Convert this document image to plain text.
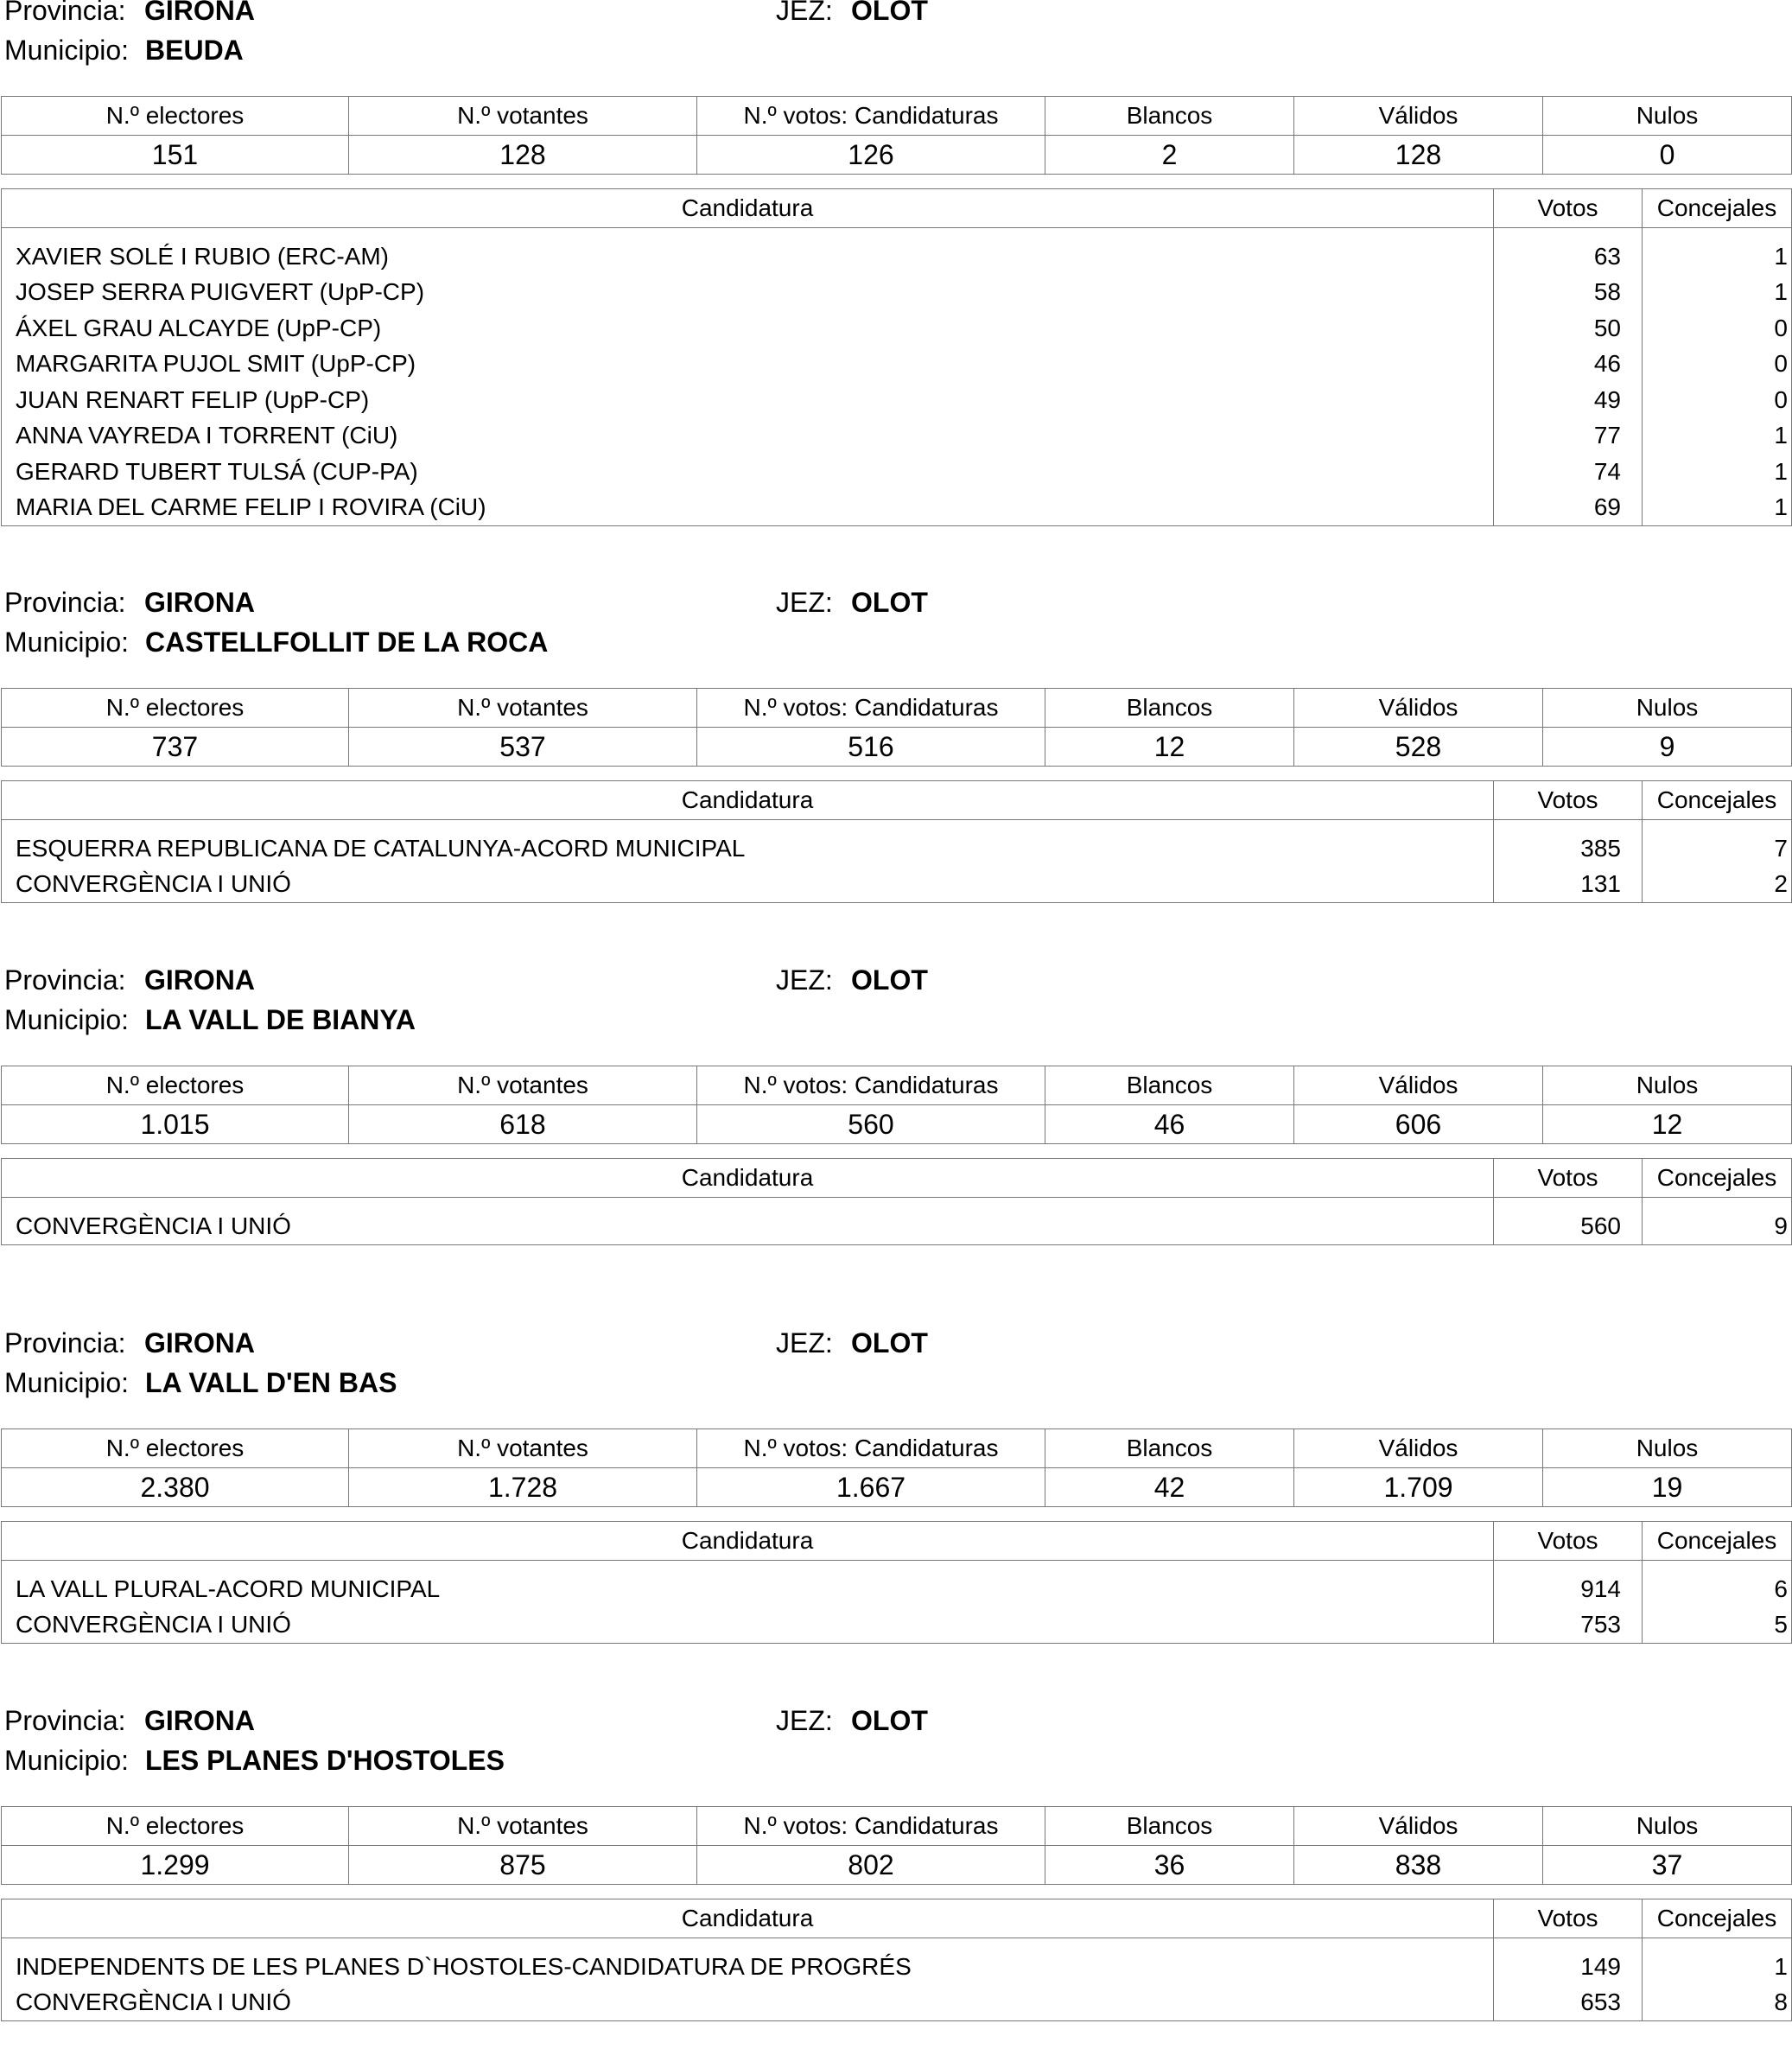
Provincia: GIRONA	JEZ: OLOT
Municipio: BEUDA
N.º electores	N.º votantes	N.º votos: Candidaturas	Blancos	Válidos	Nulos
151	128	126	2	128	0
Candidatura	Votos	Concejales

XAVIER SOLÉ I RUBIO (ERC-AM)	63	1
JOSEP SERRA PUIGVERT (UpP-CP)	58	1
ÁXEL GRAU ALCAYDE (UpP-CP)	50	0
MARGARITA PUJOL SMIT (UpP-CP)	46	0
JUAN RENART FELIP (UpP-CP)	49	0
ANNA VAYREDA I TORRENT (CiU)	77	1
GERARD TUBERT TULSÁ (CUP-PA)	74	1
MARIA DEL CARME FELIP I ROVIRA (CiU)	69	1
Provincia: GIRONA	JEZ: OLOT
Municipio: CASTELLFOLLIT DE LA ROCA
N.º electores	N.º votantes	N.º votos: Candidaturas	Blancos	Válidos	Nulos
737	537	516	12	528	9
Candidatura	Votos	Concejales

ESQUERRA REPUBLICANA DE CATALUNYA-ACORD MUNICIPAL	385	7
CONVERGÈNCIA I UNIÓ	131	2
Provincia: GIRONA	JEZ: OLOT
Municipio: LA VALL DE BIANYA
N.º electores	N.º votantes	N.º votos: Candidaturas	Blancos	Válidos	Nulos
1.015	618	560	46	606	12
Candidatura	Votos	Concejales

CONVERGÈNCIA I UNIÓ	560	9
Provincia: GIRONA	JEZ: OLOT
Municipio: LA VALL D'EN BAS
N.º electores	N.º votantes	N.º votos: Candidaturas	Blancos	Válidos	Nulos
2.380	1.728	1.667	42	1.709	19
Candidatura	Votos	Concejales

LA VALL PLURAL-ACORD MUNICIPAL	914	6
CONVERGÈNCIA I UNIÓ	753	5
Provincia: GIRONA	JEZ: OLOT
Municipio: LES PLANES D'HOSTOLES
N.º electores	N.º votantes	N.º votos: Candidaturas	Blancos	Válidos	Nulos
1.299	875	802	36	838	37
Candidatura	Votos	Concejales

INDEPENDENTS DE LES PLANES D`HOSTOLES-CANDIDATURA DE PROGRÉS	149	1
CONVERGÈNCIA I UNIÓ	653	8
